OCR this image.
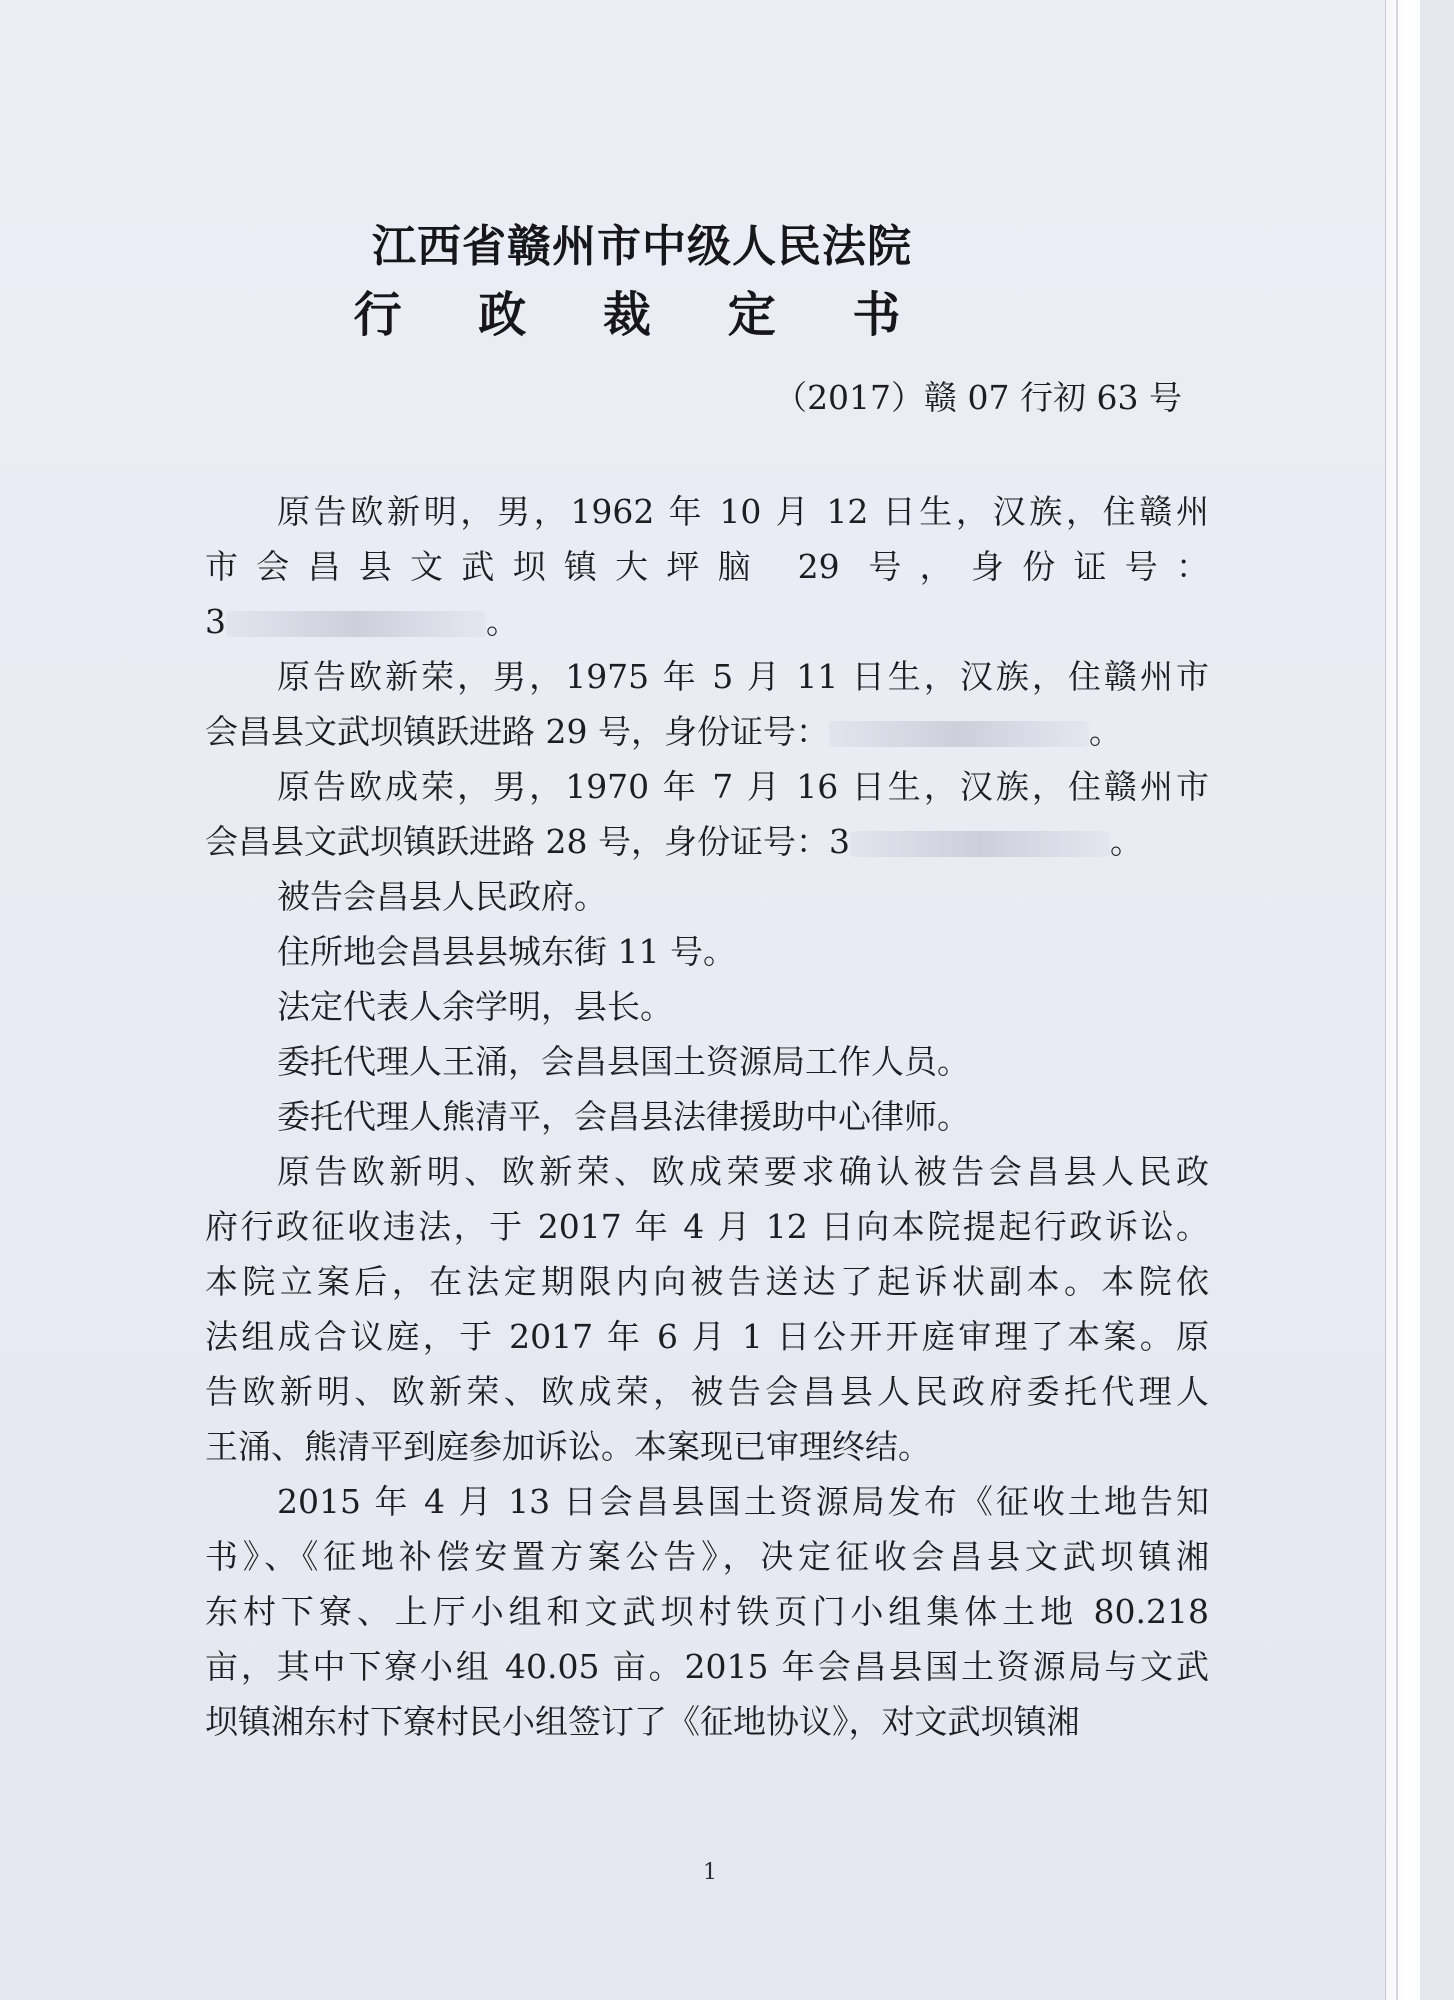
江西省赣州市中级人民法院
行 政 裁 定 书
（2017）赣 07 行初 63 号
原告欧新明，男，1962 年 10 月 12 日生，汉族，住赣州
市会昌县文武坝镇大坪脑 29 号，身份证号：
3	。
原告欧新荣，男，1975 年 5 月 11 日生，汉族，住赣州市
会昌县文武坝镇跃进路 29 号，身份证号：	。
原告欧成荣，男，1970 年 7 月 16 日生，汉族，住赣州市
会昌县文武坝镇跃进路 28 号，身份证号：3	。
被告会昌县人民政府。
住所地会昌县县城东街 11 号。
法定代表人余学明，县长。
委托代理人王涌，会昌县国土资源局工作人员。
委托代理人熊清平，会昌县法律援助中心律师。
原告欧新明、欧新荣、欧成荣要求确认被告会昌县人民政
府行政征收违法，于 2017 年 4 月 12 日向本院提起行政诉讼。
本院立案后，在法定期限内向被告送达了起诉状副本。本院依
法组成合议庭，于 2017 年 6 月 1 日公开开庭审理了本案。原
告欧新明、欧新荣、欧成荣，被告会昌县人民政府委托代理人
王涌、熊清平到庭参加诉讼。本案现已审理终结。
2015 年 4 月 13 日会昌县国土资源局发布《征收土地告知
书》、《征地补偿安置方案公告》，决定征收会昌县文武坝镇湘
东村下寮、上厅小组和文武坝村铁页门小组集体土地 80.218
亩，其中下寮小组 40.05 亩。2015 年会昌县国土资源局与文武
坝镇湘东村下寮村民小组签订了《征地协议》，对文武坝镇湘
1
